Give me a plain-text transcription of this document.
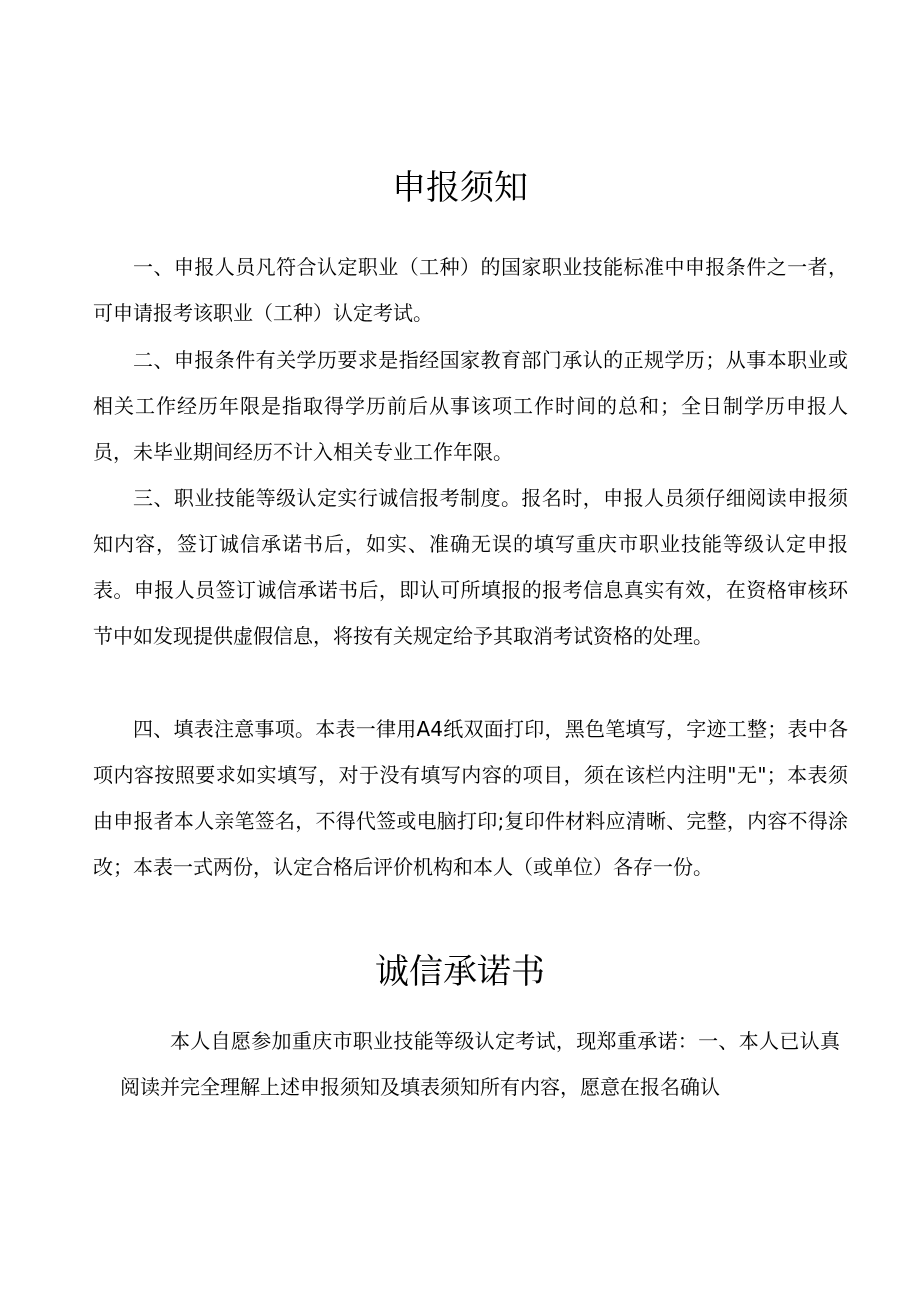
申报须知

一、申报人员凡符合认定职业（工种）的国家职业技能标准中申报条件之一者，可申请报考该职业（工种）认定考试。

二、申报条件有关学历要求是指经国家教育部门承认的正规学历；从事本职业或相关工作经历年限是指取得学历前后从事该项工作时间的总和；全日制学历申报人员，未毕业期间经历不计入相关专业工作年限。

三、职业技能等级认定实行诚信报考制度。报名时，申报人员须仔细阅读申报须知内容，签订诚信承诺书后，如实、准确无误的填写重庆市职业技能等级认定申报表。申报人员签订诚信承诺书后，即认可所填报的报考信息真实有效，在资格审核环节中如发现提供虚假信息，将按有关规定给予其取消考试资格的处理。

四、填表注意事项。本表一律用A4纸双面打印，黑色笔填写，字迹工整；表中各项内容按照要求如实填写，对于没有填写内容的项目，须在该栏内注明"无"；本表须由申报者本人亲笔签名，不得代签或电脑打印;复印件材料应清晰、完整，内容不得涂改；本表一式两份，认定合格后评价机构和本人（或单位）各存一份。

诚信承诺书

本人自愿参加重庆市职业技能等级认定考试，现郑重承诺：一、本人已认真阅读并完全理解上述申报须知及填表须知所有内容，愿意在报名确认
